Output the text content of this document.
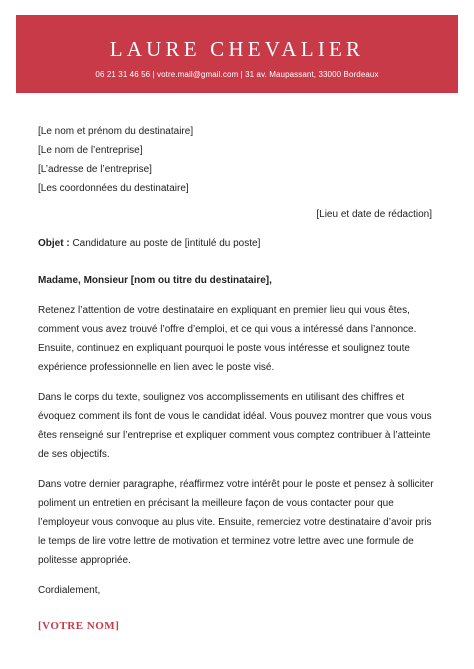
LAURE CHEVALIER
06 21 31 46 56 | votre.mail@gmail.com | 31 av. Maupassant, 33000 Bordeaux
[Le nom et prénom du destinataire]
[Le nom de l’entreprise]
[L’adresse de l’entreprise]
[Les coordonnées du destinataire]
[Lieu et date de rédaction]
Objet : Candidature au poste de [intitulé du poste]

Madame, Monsieur [nom ou titre du destinataire],

Retenez l’attention de votre destinataire en expliquant en premier lieu qui vous êtes, comment vous avez trouvé l’offre d’emploi, et ce qui vous a intéressé dans l’annonce. Ensuite, continuez en expliquant pourquoi le poste vous intéresse et soulignez toute expérience professionnelle en lien avec le poste visé.

Dans le corps du texte, soulignez vos accomplissements en utilisant des chiffres et évoquez comment ils font de vous le candidat idéal. Vous pouvez montrer que vous vous êtes renseigné sur l’entreprise et expliquer comment vous comptez contribuer à l’atteinte de ses objectifs.

Dans votre dernier paragraphe, réaffirmez votre intérêt pour le poste et pensez à solliciter poliment un entretien en précisant la meilleure façon de vous contacter pour que l’employeur vous convoque au plus vite. Ensuite, remerciez votre destinataire d’avoir pris le temps de lire votre lettre de motivation et terminez votre lettre avec une formule de politesse appropriée.

Cordialement,

[VOTRE NOM]
